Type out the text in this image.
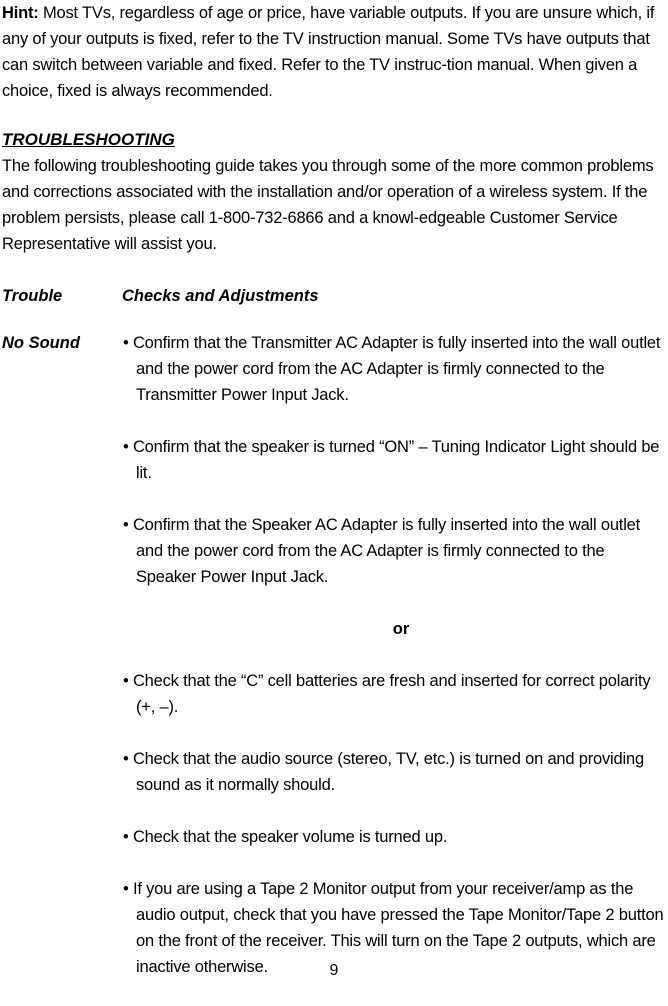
Hint: Most TVs, regardless of age or price, have variable outputs. If you are unsure which, if any of your outputs is fixed, refer to the TV instruction manual. Some TVs have outputs that can switch between variable and fixed. Refer to the TV instruc-tion manual. When given a choice, fixed is always recommended.

TROUBLESHOOTING

The following troubleshooting guide takes you through some of the more common problems and corrections associated with the installation and/or operation of a wireless system. If the problem persists, please call 1-800-732-6866 and a knowl-edgeable Customer Service Representative will assist you.

Trouble	Checks and Adjustments
No Sound	• Confirm that the Transmitter AC Adapter is fully inserted into the wall outlet and the power cord from the AC Adapter is firmly connected to the Transmitter Power Input Jack.
• Confirm that the speaker is turned “ON” – Tuning Indicator Light should be lit.
• Confirm that the Speaker AC Adapter is fully inserted into the wall outlet and the power cord from the AC Adapter is firmly connected to the Speaker Power Input Jack.
or
• Check that the “C” cell batteries are fresh and inserted for correct polarity (+, –).
• Check that the audio source (stereo, TV, etc.) is turned on and providing sound as it normally should.
• Check that the speaker volume is turned up.
• If you are using a Tape 2 Monitor output from your receiver/amp as the audio output, check that you have pressed the Tape Monitor/Tape 2 button on the front of the receiver. This will turn on the Tape 2 outputs, which are inactive otherwise.	9
